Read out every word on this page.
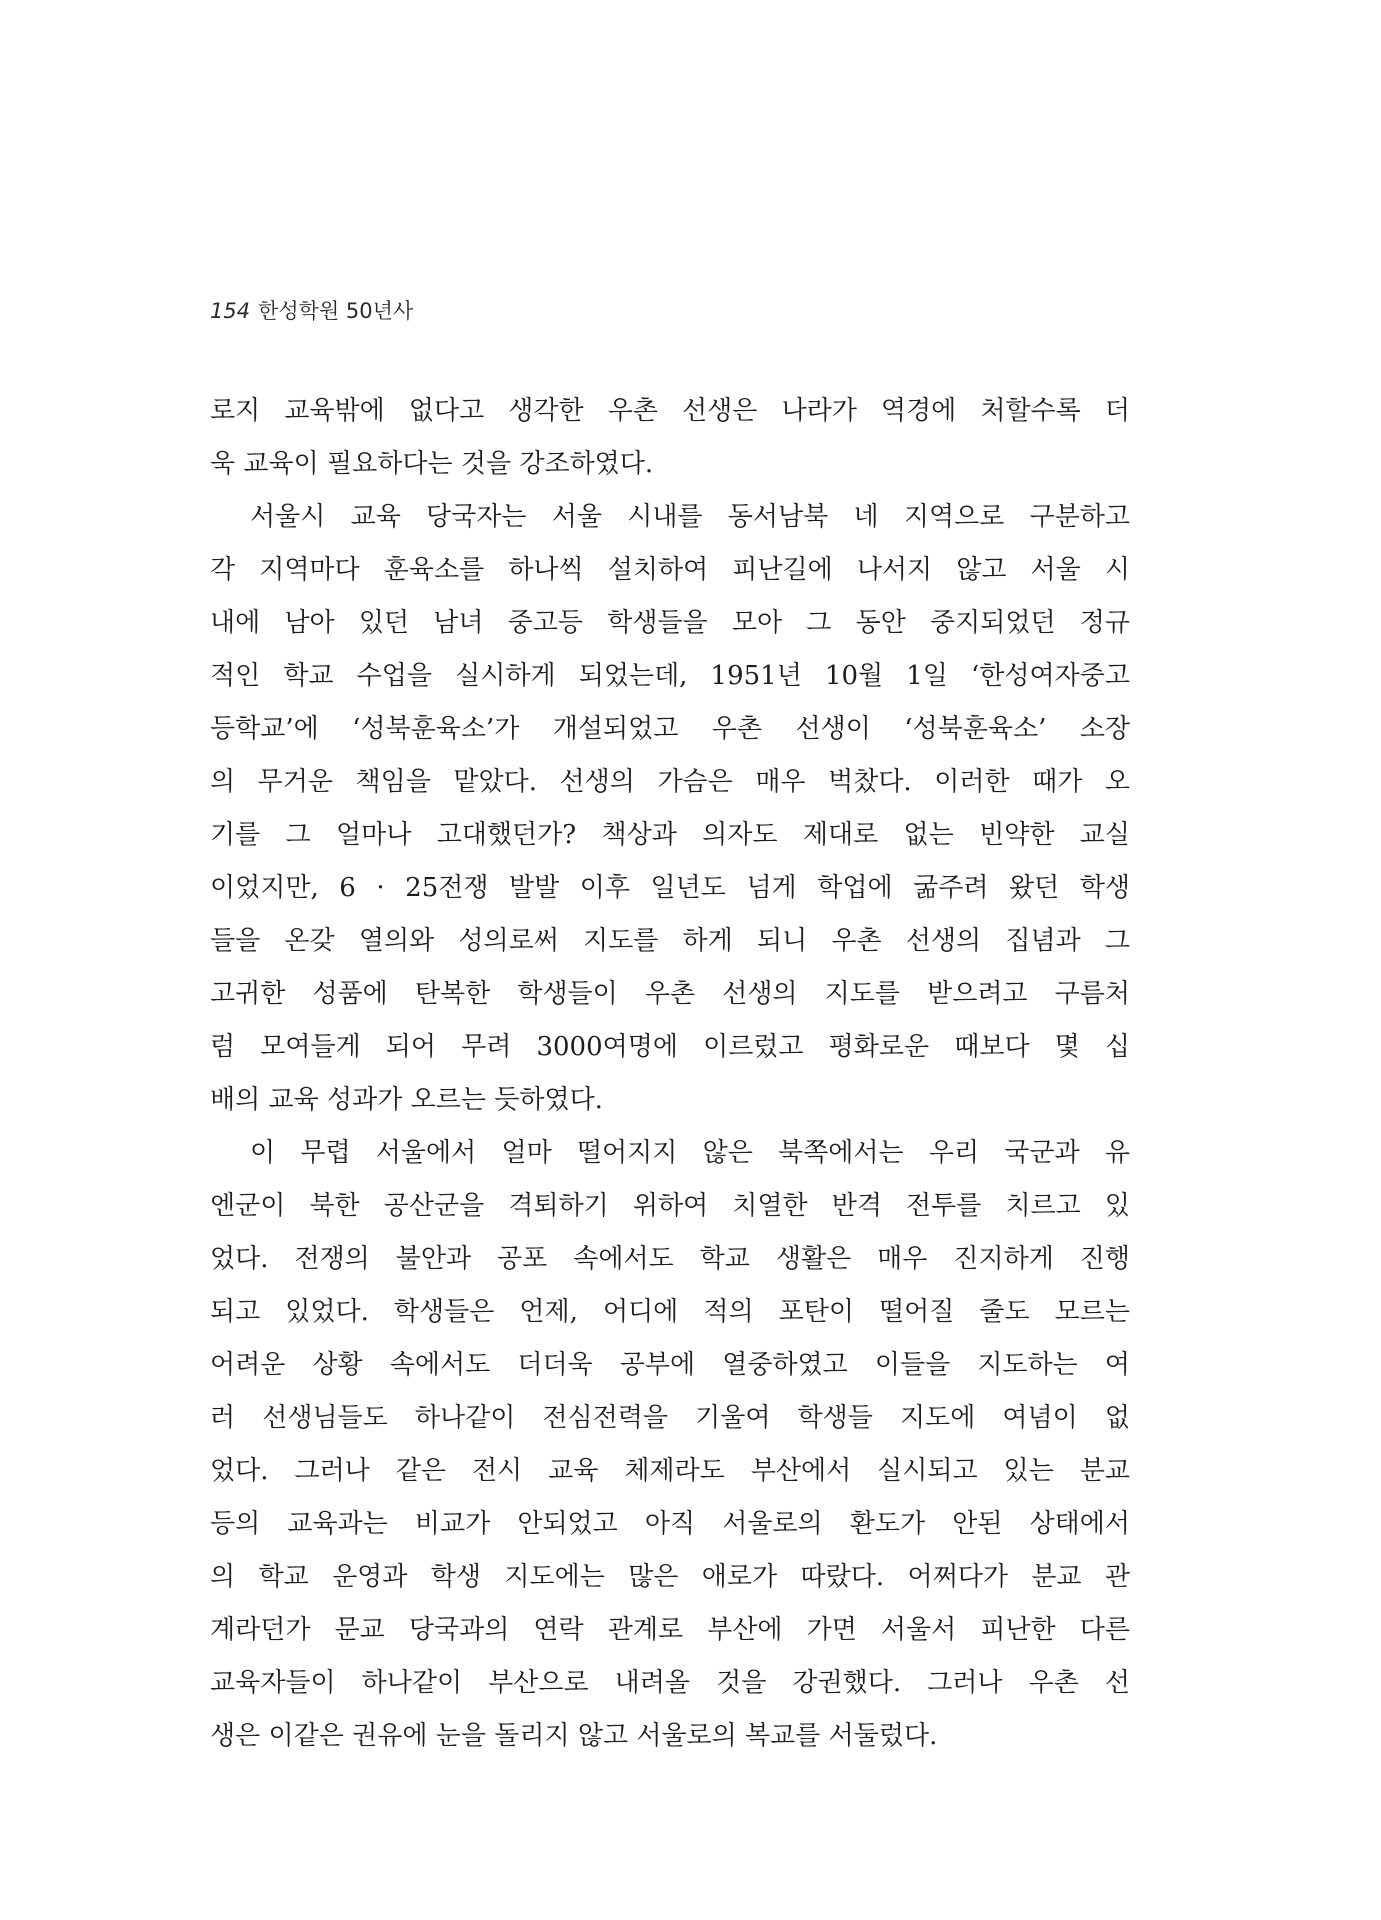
154 한성학원 50년사
로지 교육밖에 없다고 생각한 우촌 선생은 나라가 역경에 처할수록 더
욱 교육이 필요하다는 것을 강조하였다.
서울시 교육 당국자는 서울 시내를 동서남북 네 지역으로 구분하고
각 지역마다 훈육소를 하나씩 설치하여 피난길에 나서지 않고 서울 시
내에 남아 있던 남녀 중고등 학생들을 모아 그 동안 중지되었던 정규
적인 학교 수업을 실시하게 되었는데, 1951년 10월 1일 ‘한성여자중고
등학교’에 ‘성북훈육소’가 개설되었고 우촌 선생이 ‘성북훈육소’ 소장
의 무거운 책임을 맡았다. 선생의 가슴은 매우 벅찼다. 이러한 때가 오
기를 그 얼마나 고대했던가? 책상과 의자도 제대로 없는 빈약한 교실
이었지만, 6 · 25전쟁 발발 이후 일년도 넘게 학업에 굶주려 왔던 학생
들을 온갖 열의와 성의로써 지도를 하게 되니 우촌 선생의 집념과 그
고귀한 성품에 탄복한 학생들이 우촌 선생의 지도를 받으려고 구름처
럼 모여들게 되어 무려 3000여명에 이르렀고 평화로운 때보다 몇 십
배의 교육 성과가 오르는 듯하였다.
이 무렵 서울에서 얼마 떨어지지 않은 북쪽에서는 우리 국군과 유
엔군이 북한 공산군을 격퇴하기 위하여 치열한 반격 전투를 치르고 있
었다. 전쟁의 불안과 공포 속에서도 학교 생활은 매우 진지하게 진행
되고 있었다. 학생들은 언제, 어디에 적의 포탄이 떨어질 줄도 모르는
어려운 상황 속에서도 더더욱 공부에 열중하였고 이들을 지도하는 여
러 선생님들도 하나같이 전심전력을 기울여 학생들 지도에 여념이 없
었다. 그러나 같은 전시 교육 체제라도 부산에서 실시되고 있는 분교
등의 교육과는 비교가 안되었고 아직 서울로의 환도가 안된 상태에서
의 학교 운영과 학생 지도에는 많은 애로가 따랐다. 어쩌다가 분교 관
계라던가 문교 당국과의 연락 관계로 부산에 가면 서울서 피난한 다른
교육자들이 하나같이 부산으로 내려올 것을 강권했다. 그러나 우촌 선
생은 이같은 권유에 눈을 돌리지 않고 서울로의 복교를 서둘렀다.
